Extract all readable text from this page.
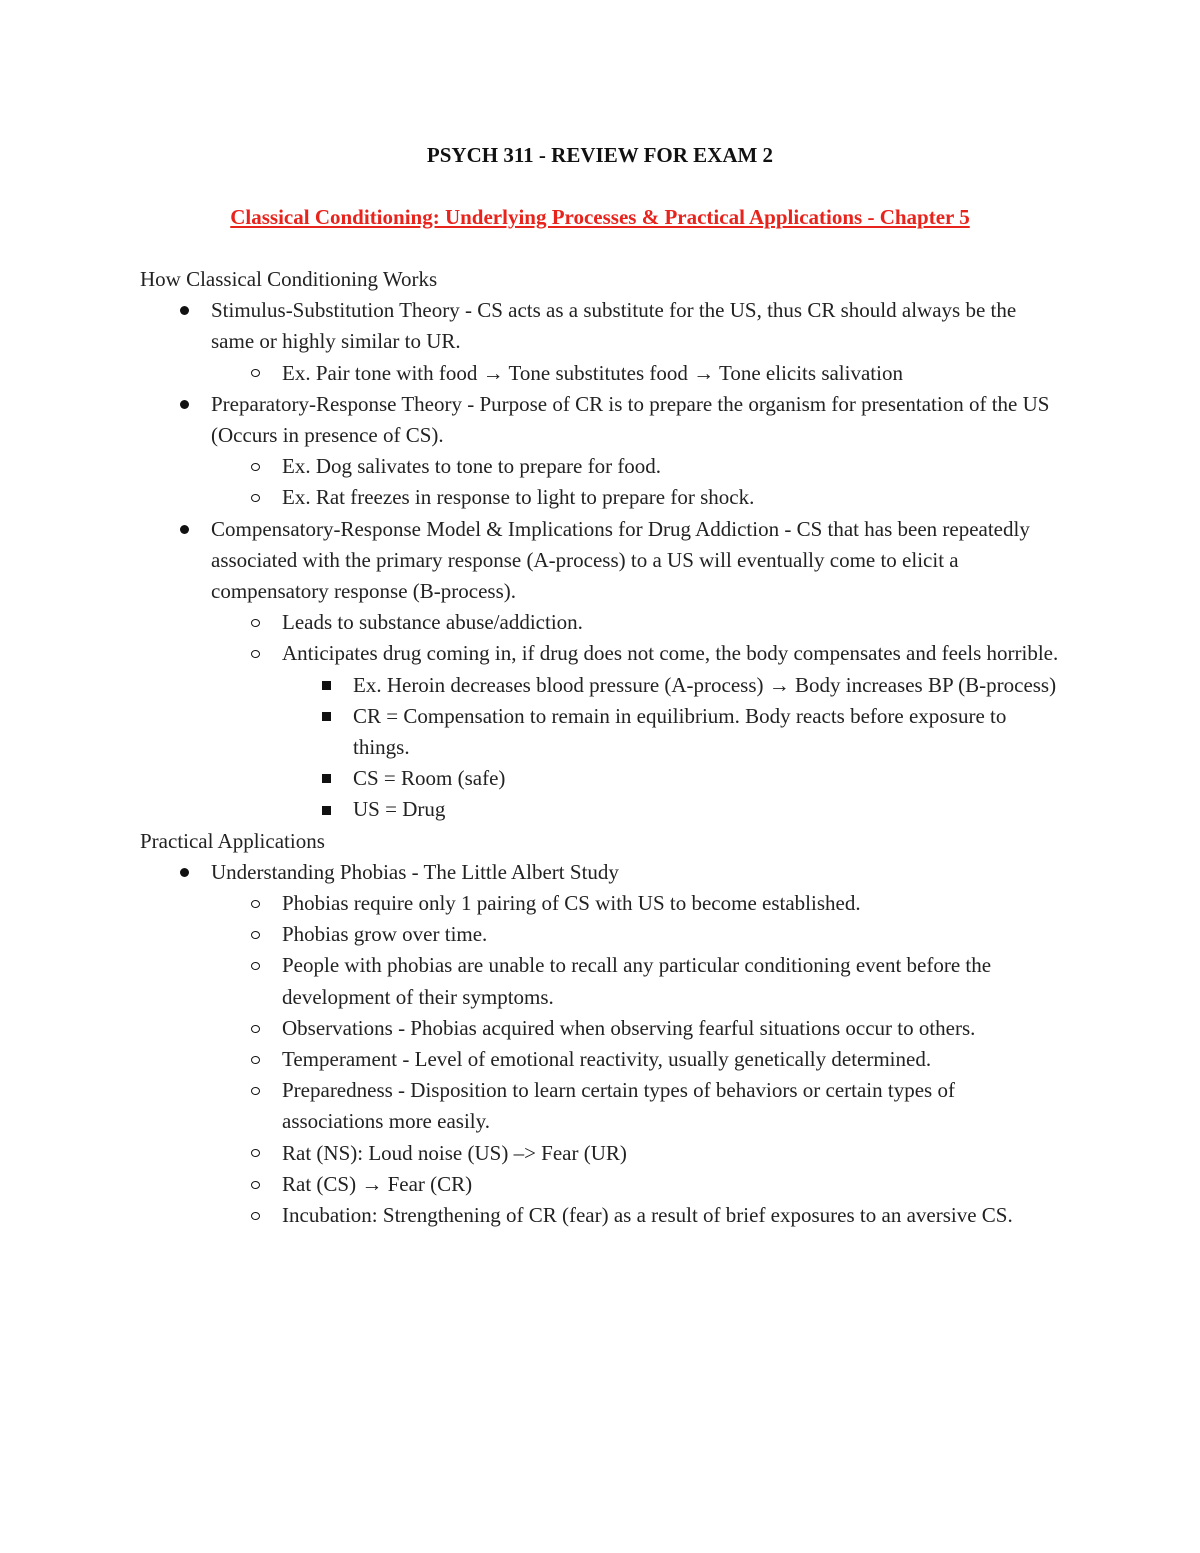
PSYCH 311 - REVIEW FOR EXAM 2
Classical Conditioning: Underlying Processes & Practical Applications - Chapter 5
How Classical Conditioning Works
Stimulus-Substitution Theory - CS acts as a substitute for the US, thus CR should always be the same or highly similar to UR.
Ex. Pair tone with food → Tone substitutes food → Tone elicits salivation
Preparatory-Response Theory - Purpose of CR is to prepare the organism for presentation of the US (Occurs in presence of CS).
Ex. Dog salivates to tone to prepare for food.
Ex. Rat freezes in response to light to prepare for shock.
Compensatory-Response Model & Implications for Drug Addiction - CS that has been repeatedly associated with the primary response (A-process) to a US will eventually come to elicit a compensatory response (B-process).
Leads to substance abuse/addiction.
Anticipates drug coming in, if drug does not come, the body compensates and feels horrible.
Ex. Heroin decreases blood pressure (A-process) → Body increases BP (B-process)
CR = Compensation to remain in equilibrium. Body reacts before exposure to things.
CS = Room (safe)
US = Drug
Practical Applications
Understanding Phobias - The Little Albert Study
Phobias require only 1 pairing of CS with US to become established.
Phobias grow over time.
People with phobias are unable to recall any particular conditioning event before the development of their symptoms.
Observations - Phobias acquired when observing fearful situations occur to others.
Temperament - Level of emotional reactivity, usually genetically determined.
Preparedness - Disposition to learn certain types of behaviors or certain types of associations more easily.
Rat (NS): Loud noise (US) –> Fear (UR)
Rat (CS) → Fear (CR)
Incubation: Strengthening of CR (fear) as a result of brief exposures to an aversive CS.
